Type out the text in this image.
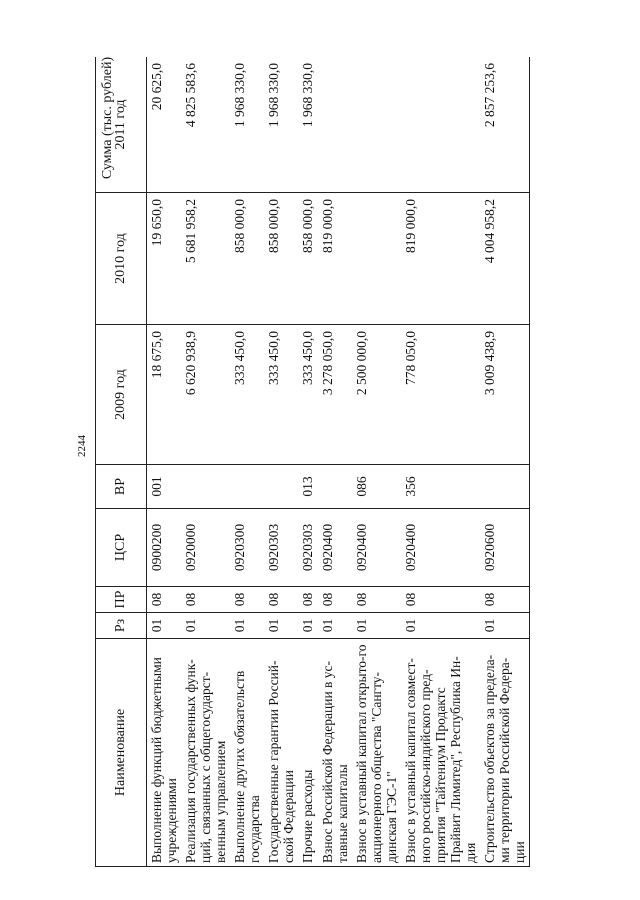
2244
Сумма (тыс. рублей)
Наименование	Рз	ПР	ЦСР	ВР	2009 год	2010 год	2011 год
Выполнение функций бюджетными учреждениями	01	08	0900200	001	18 675,0	19 650,0	20 625,0
Реализация государственных функ-ций, связанных с общегосударст-венным управлением	01	08	0920000		6 620 938,9	5 681 958,2	4 825 583,6
Выполнение других обязательств государства	01	08	0920300		333 450,0	858 000,0	1 968 330,0
Государственные гарантии Россий-ской Федерации	01	08	0920303		333 450,0	858 000,0	1 968 330,0
Прочие расходы	01	08	0920303	013	333 450,0	858 000,0	1 968 330,0
Взнос Российской Федерации в ус-тавные капиталы	01	08	0920400		3 278 050,0	819 000,0	
Взнос в уставный капитал открыто-го акционерного общества "Сангту-динская ГЭС-1"	01	08	0920400	086	2 500 000,0		
Взнос в уставный капитал совмест-ного российско-индийского пред-приятия "Тайтениум Продактс Прайвит Лимитед", Республика Ин-дия	01	08	0920400	356	778 050,0	819 000,0	
Строительство объектов за предела-ми территории Российской Федера-ции	01	08	0920600		3 009 438,9	4 004 958,2	2 857 253,6
